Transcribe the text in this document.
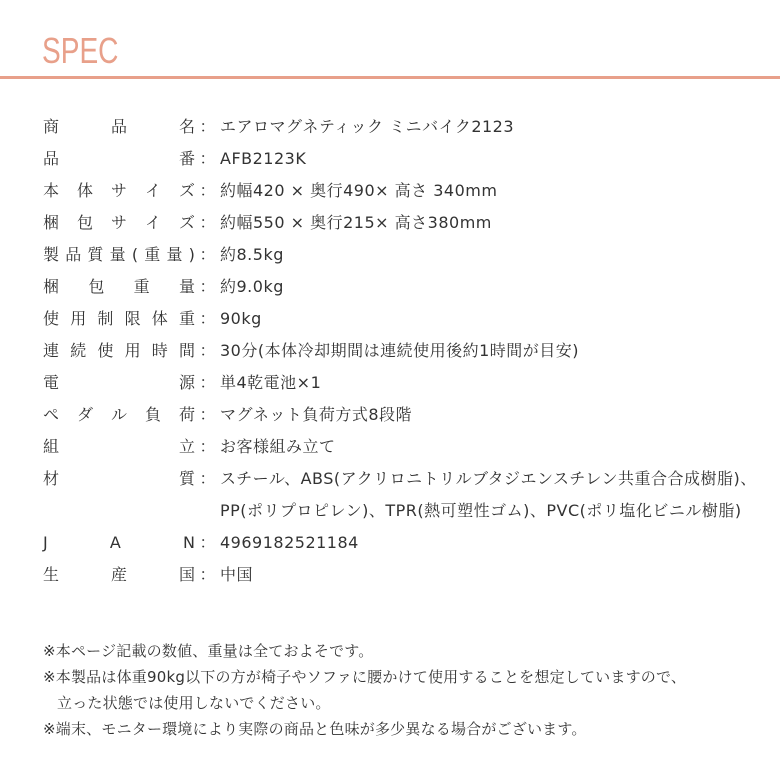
SPEC
商	品	名 ： エアロマグネティック ミニバイク2123
品	番 ： AFB2123K
本 体 サ イ ズ ： 約幅420 × 奥行490× 高さ 340mm
梱 包 サ イ ズ ： 約幅550 × 奥行215× 高さ380mm
製 品 質 量 ( 重 量 ) ： 約8.5kg
梱 包 重 量 ： 約9.0kg
使 用 制 限 体 重 ： 90kg
連 続 使 用 時 間 ： 30分(本体冷却期間は連続使用後約1時間が目安)
電	源 ： 単4乾電池×1
ペ ダ ル 負 荷 ： マグネット負荷方式8段階
組	立 ： お客様組み立て
材	質 ： スチール、ABS(アクリロニトリルブタジエンスチレン共重合合成樹脂)、PP(ポリプロピレン)、TPR(熱可塑性ゴム)、PVC(ポリ塩化ビニル樹脂)
J	A	N ： 4969182521184
生	産	国 ： 中国
※本ページ記載の数値、重量は全ておよそです。
※本製品は体重90kg以下の方が椅子やソファに腰かけて使用することを想定していますので、
立った状態では使用しないでください。
※端末、モニター環境により実際の商品と色味が多少異なる場合がございます。
